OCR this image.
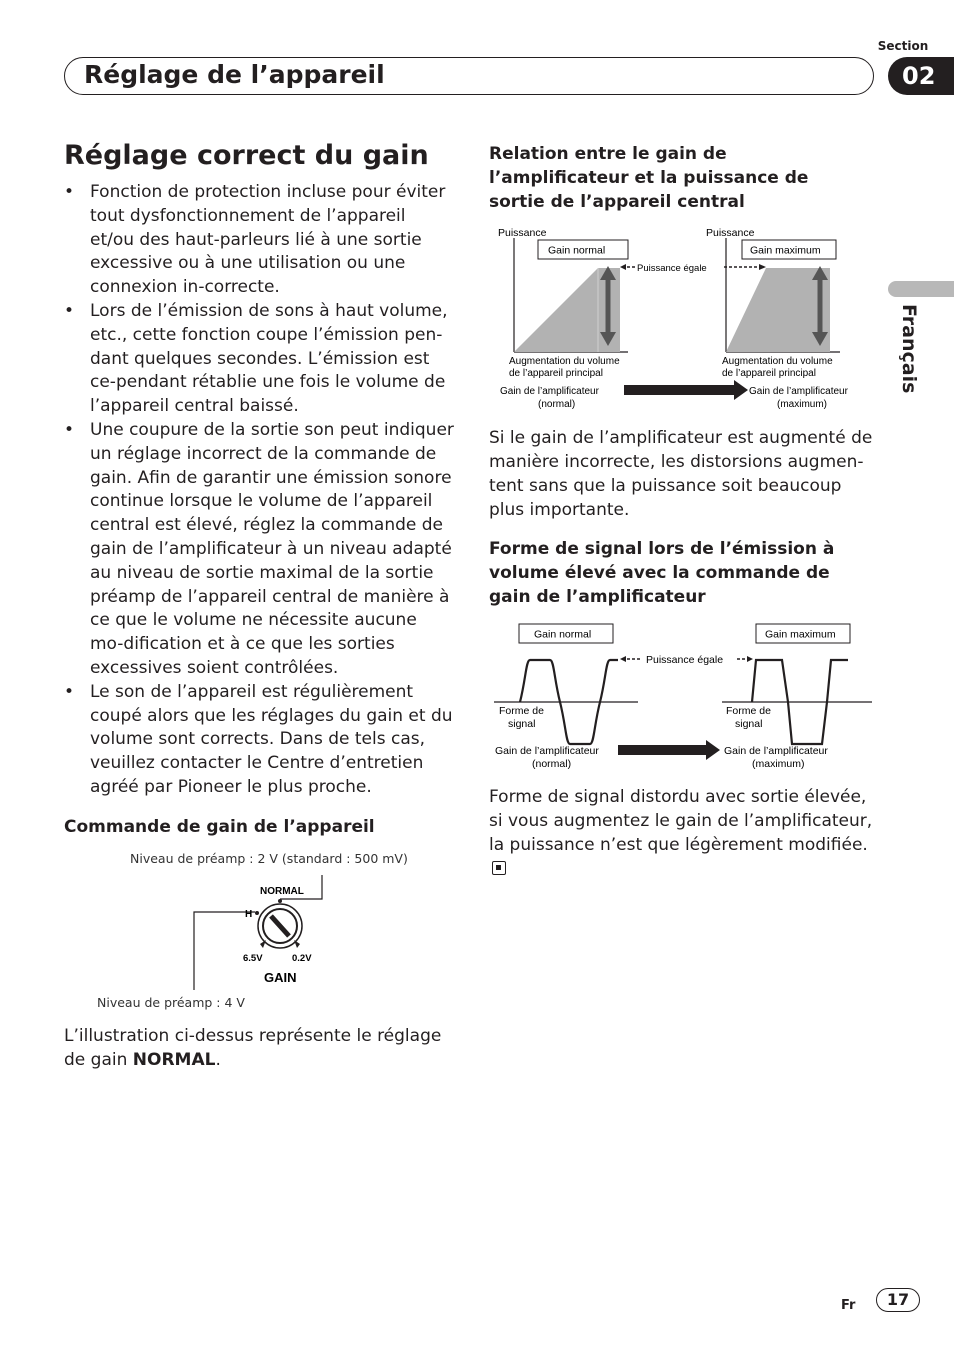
Réglage de l’appareil
Section
02
Français
Réglage correct du gain
• Fonction de protection incluse pour éviter tout dysfonctionnement de l’appareil et/ou des haut-parleurs lié à une sortie excessive ou à une utilisation ou une connexion in-correcte.
• Lors de l’émission de sons à haut volume, etc., cette fonction coupe l’émission pen-dant quelques secondes. L’émission est ce-pendant rétablie une fois le volume de l’appareil central baissé.
• Une coupure de la sortie son peut indiquer un réglage incorrect de la commande de gain. Afin de garantir une émission sonore continue lorsque le volume de l’appareil central est élevé, réglez la commande de gain de l’amplificateur à un niveau adapté au niveau de sortie maximal de la sortie préamp de l’appareil central de manière à ce que le volume ne nécessite aucune mo-dification et à ce que les sorties excessives soient contrôlées.
• Le son de l’appareil est régulièrement coupé alors que les réglages du gain et du volume sont corrects. Dans de tels cas, veuillez contacter le Centre d’entretien agréé par Pioneer le plus proche.
Commande de gain de l’appareil
Niveau de préamp : 2 V (standard : 500 mV)
NORMAL
H
6.5V	0.2V
GAIN
Niveau de préamp : 4 V
L’illustration ci-dessus représente le réglage de gain NORMAL.
Relation entre le gain de l’amplificateur et la puissance de sortie de l’appareil central
Puissance
Gain normal
Puissance
Gain maximum
Puissance égale
Augmentation du volume
de l’appareil principal
Augmentation du volume
de l’appareil principal
Gain de l’amplificateur
(normal)
Gain de l’amplificateur
(maximum)
Si le gain de l’amplificateur est augmenté de manière incorrecte, les distorsions augmen-tent sans que la puissance soit beaucoup plus importante.
Forme de signal lors de l’émission à volume élevé avec la commande de gain de l’amplificateur
Gain normal	Gain maximum
Puissance égale
Forme de
signal
Forme de
signal
Gain de l’amplificateur
(normal)
Gain de l’amplificateur
(maximum)
Forme de signal distordu avec sortie élevée, si vous augmentez le gain de l’amplificateur, la puissance n’est que légèrement modifiée.
Fr	17
